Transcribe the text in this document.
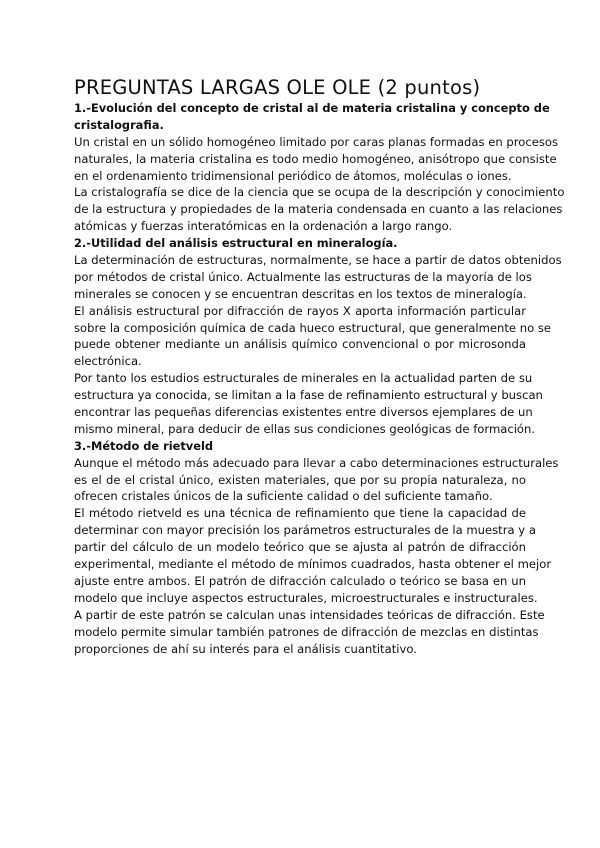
PREGUNTAS LARGAS OLE OLE (2 puntos)
1.-Evolución del concepto de cristal al de materia cristalina y concepto de
cristalografia.
Un cristal en un sólido homogéneo limitado por caras planas formadas en procesos
naturales, la materia cristalina es todo medio homogéneo, anisótropo que consiste
en el ordenamiento tridimensional periódico de átomos, moléculas o iones.
La cristalografía se dice de la ciencia que se ocupa de la descripción y conocimiento
de la estructura y propiedades de la materia condensada en cuanto a las relaciones
atómicas y fuerzas interatómicas en la ordenación a largo rango.
2.-Utilidad del análisis estructural en mineralogía.
La determinación de estructuras, normalmente, se hace a partir de datos obtenidos
por métodos de cristal único. Actualmente las estructuras de la mayoría de los
minerales se conocen y se encuentran descritas en los textos de mineralogía.
El análisis estructural por difracción de rayos X aporta información particular
sobre la composición química de cada hueco estructural, que generalmente no se
puede obtener mediante un análisis químico convencional o por microsonda
electrónica.
Por tanto los estudios estructurales de minerales en la actualidad parten de su
estructura ya conocida, se limitan a la fase de refinamiento estructural y buscan
encontrar las pequeñas diferencias existentes entre diversos ejemplares de un
mismo mineral, para deducir de ellas sus condiciones geológicas de formación.
3.-Método de rietveld
Aunque el método más adecuado para llevar a cabo determinaciones estructurales
es el de el cristal único, existen materiales, que por su propia naturaleza, no
ofrecen cristales únicos de la suficiente calidad o del suficiente tamaño.
El método rietveld es una técnica de refinamiento que tiene la capacidad de
determinar con mayor precisión los parámetros estructurales de la muestra y a
partir del cálculo de un modelo teórico que se ajusta al patrón de difracción
experimental, mediante el método de mínimos cuadrados, hasta obtener el mejor
ajuste entre ambos. El patrón de difracción calculado o teórico se basa en un
modelo que incluye aspectos estructurales, microestructurales e instructurales.
A partir de este patrón se calculan unas intensidades teóricas de difracción. Este
modelo permite simular también patrones de difracción de mezclas en distintas
proporciones de ahí su interés para el análisis cuantitativo.
